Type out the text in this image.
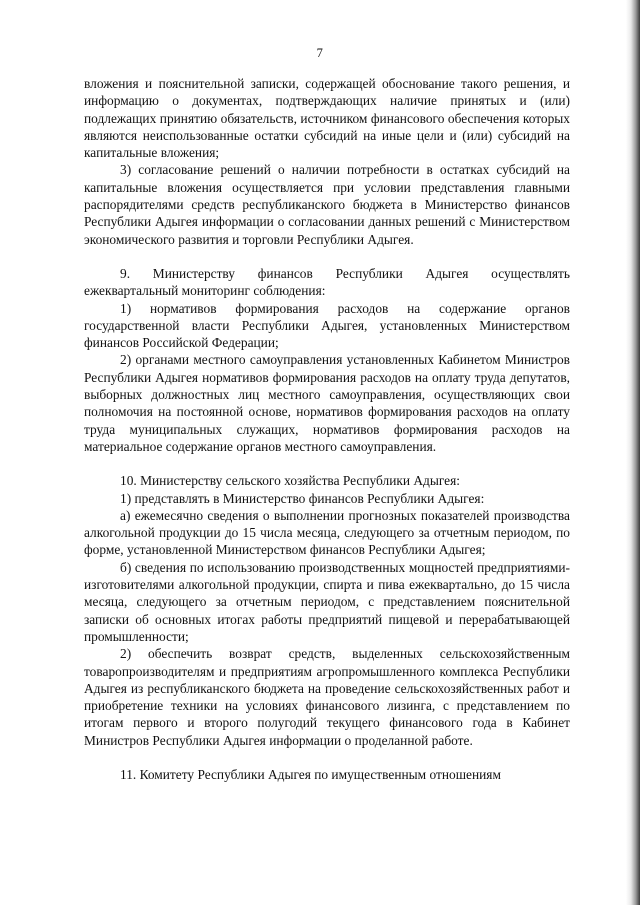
7

вложения и пояснительной записки, содержащей обоснование такого решения, и информацию о документах, подтверждающих наличие принятых и (или) подлежащих принятию обязательств, источником финансового обеспечения которых являются неиспользованные остатки субсидий на иные цели и (или) субсидий на капитальные вложения;

3) согласование решений о наличии потребности в остатках субсидий на капитальные вложения осуществляется при условии представления главными распорядителями средств республиканского бюджета в Министерство финансов Республики Адыгея информации о согласовании данных решений с Министерством экономического развития и торговли Республики Адыгея.

9. Министерству финансов Республики Адыгея осуществлять ежеквартальный мониторинг соблюдения:

1) нормативов формирования расходов на содержание органов государственной власти Республики Адыгея, установленных Министерством финансов Российской Федерации;

2) органами местного самоуправления установленных Кабинетом Министров Республики Адыгея нормативов формирования расходов на оплату труда депутатов, выборных должностных лиц местного самоуправления, осуществляющих свои полномочия на постоянной основе, нормативов формирования расходов на оплату труда муниципальных служащих, нормативов формирования расходов на материальное содержание органов местного самоуправления.

10. Министерству сельского хозяйства Республики Адыгея:

1) представлять в Министерство финансов Республики Адыгея:

а) ежемесячно сведения о выполнении прогнозных показателей производства алкогольной продукции до 15 числа месяца, следующего за отчетным периодом, по форме, установленной Министерством финансов Республики Адыгея;

б) сведения по использованию производственных мощностей предприятиями-изготовителями алкогольной продукции, спирта и пива ежеквартально, до 15 числа месяца, следующего за отчетным периодом, с представлением пояснительной записки об основных итогах работы предприятий пищевой и перерабатывающей промышленности;

2) обеспечить возврат средств, выделенных сельскохозяйственным товаропроизводителям и предприятиям агропромышленного комплекса Республики Адыгея из республиканского бюджета на проведение сельскохозяйственных работ и приобретение техники на условиях финансового лизинга, с представлением по итогам первого и второго полугодий текущего финансового года в Кабинет Министров Республики Адыгея информации о проделанной работе.

11. Комитету Республики Адыгея по имущественным отношениям
